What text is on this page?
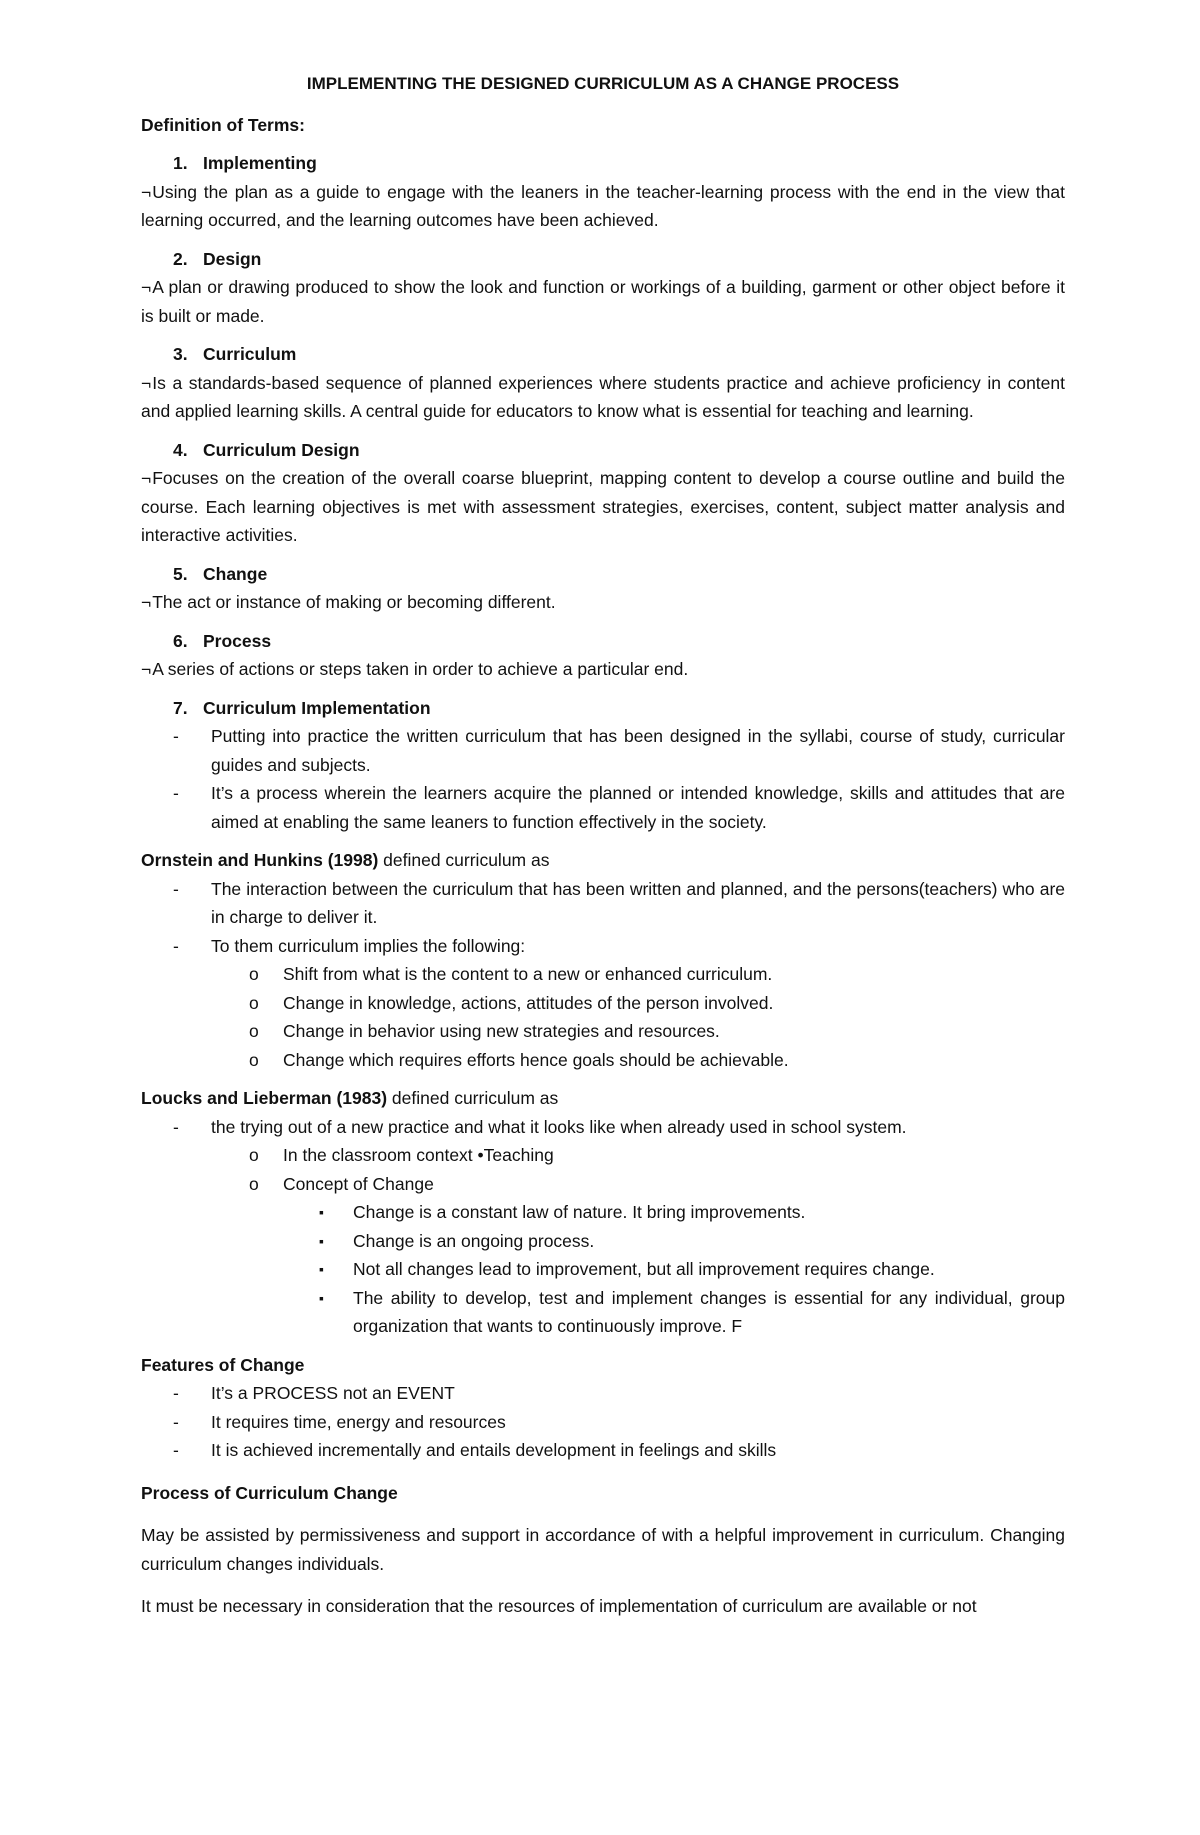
IMPLEMENTING THE DESIGNED CURRICULUM AS A CHANGE PROCESS

Definition of Terms:

1. Implementing

¬Using the plan as a guide to engage with the leaners in the teacher-learning process with the end in the view that learning occurred, and the learning outcomes have been achieved.

2. Design

¬A plan or drawing produced to show the look and function or workings of a building, garment or other object before it is built or made.

3. Curriculum

¬Is a standards-based sequence of planned experiences where students practice and achieve proficiency in content and applied learning skills. A central guide for educators to know what is essential for teaching and learning.

4. Curriculum Design

¬Focuses on the creation of the overall coarse blueprint, mapping content to develop a course outline and build the course. Each learning objectives is met with assessment strategies, exercises, content, subject matter analysis and interactive activities.

5. Change

¬The act or instance of making or becoming different.

6. Process

¬A series of actions or steps taken in order to achieve a particular end.

7. Curriculum Implementation

- Putting into practice the written curriculum that has been designed in the syllabi, course of study, curricular guides and subjects.
- It’s a process wherein the learners acquire the planned or intended knowledge, skills and attitudes that are aimed at enabling the same leaners to function effectively in the society.

Ornstein and Hunkins (1998) defined curriculum as

- The interaction between the curriculum that has been written and planned, and the persons(teachers) who are in charge to deliver it.
- To them curriculum implies the following:
o Shift from what is the content to a new or enhanced curriculum.
o Change in knowledge, actions, attitudes of the person involved.
o Change in behavior using new strategies and resources.
o Change which requires efforts hence goals should be achievable.

Loucks and Lieberman (1983) defined curriculum as

- the trying out of a new practice and what it looks like when already used in school system.
o In the classroom context •Teaching
o Concept of Change
▪ Change is a constant law of nature. It bring improvements.
▪ Change is an ongoing process.
▪ Not all changes lead to improvement, but all improvement requires change.
▪ The ability to develop, test and implement changes is essential for any individual, group organization that wants to continuously improve. F

Features of Change

- It’s a PROCESS not an EVENT
- It requires time, energy and resources
- It is achieved incrementally and entails development in feelings and skills

Process of Curriculum Change

May be assisted by permissiveness and support in accordance of with a helpful improvement in curriculum. Changing curriculum changes individuals.

It must be necessary in consideration that the resources of implementation of curriculum are available or not
